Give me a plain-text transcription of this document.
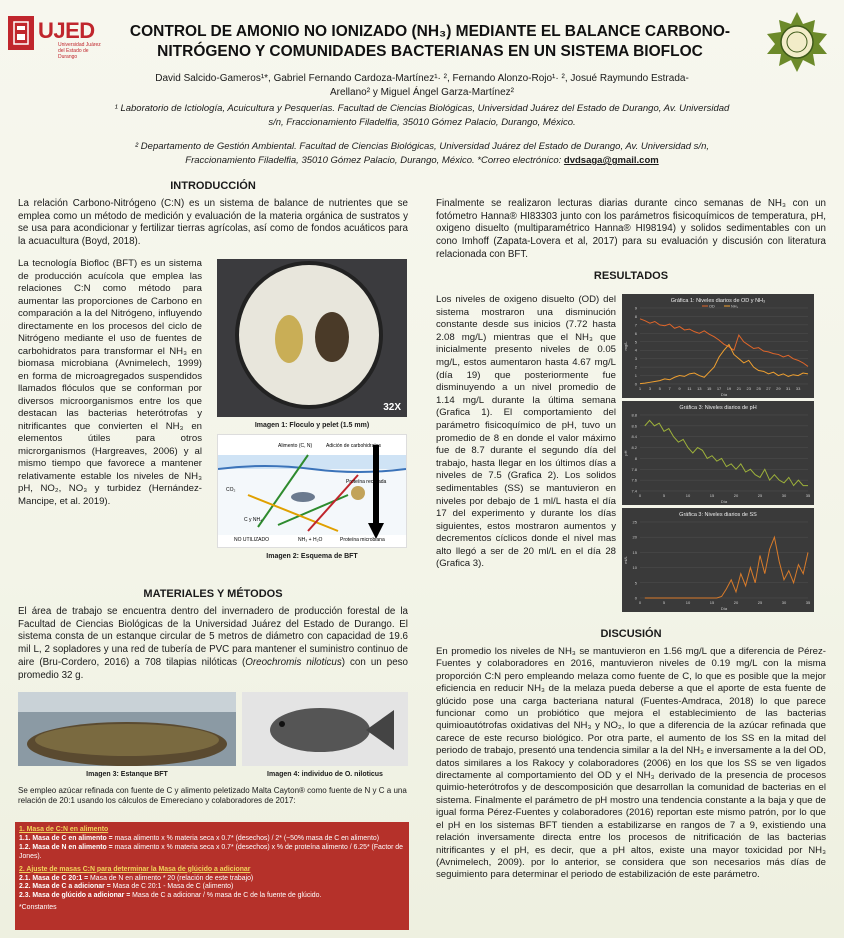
UJED
Universidad Juárez del Estado de Durango
CONTROL DE AMONIO NO IONIZADO (NH₃) MEDIANTE EL BALANCE CARBONO-
NITRÓGENO Y COMUNIDADES BACTERIANAS EN UN SISTEMA BIOFLOC
David Salcido-Gameros¹*, Gabriel Fernando Cardoza-Martínez¹· ², Fernando Alonzo-Rojo¹· ², Josué Raymundo Estrada-
Arellano² y Miguel Ángel Garza-Martínez²
¹ Laboratorio de Ictiología, Acuicultura y Pesquerías. Facultad de Ciencias Biológicas, Universidad Juárez del Estado de Durango, Av. Universidad
s/n, Fraccionamiento Filadelfia, 35010 Gómez Palacio, Durango, México.
² Departamento de Gestión Ambiental. Facultad de Ciencias Biológicas, Universidad Juárez del Estado de Durango, Av. Universidad s/n,
Fraccionamiento Filadelfia, 35010 Gómez Palacio, Durango, México. *Correo electrónico: dvdsaga@gmail.com
INTRODUCCIÓN
La relación Carbono-Nitrógeno (C:N) es un sistema de balance de nutrientes que se emplea como un método de medición y evaluación de la materia orgánica de sustratos y se usa para acondicionar y fertilizar tierras agrícolas, así como de fondos acuáticos para la acuacultura (Boyd, 2018).
La tecnología Biofloc (BFT) es un sistema de producción acuícola que emplea las relaciones C:N como método para aumentar las proporciones de Carbono en comparación a la del Nitrógeno, influyendo directamente en los procesos del ciclo de Nitrógeno mediante el uso de fuentes de carbohidratos para transformar el NH₃ en biomasa microbiana (Avnimelech, 1999) en forma de microagregados suspendidos llamados flóculos que se conforman por diversos microorganismos entre los que destacan las bacterias heterótrofas y nitrificantes que convierten el NH₃ en elementos útiles para otros microrganismos (Hargreaves, 2006) y al mismo tiempo que favorece a mantener relativamente estable los niveles de NH₃ pH, NO₂, NO₃ y turbidez (Hernández- Mancipe, et al. 2019).
32X
Imagen 1: Floculo y pelet (1.5 mm)
Alimento (C, N)	Adición de carbohidratos
CO₂
Proteína reciclada
C y NH₄
NO UTILIZADO	NH₃ + H₂O	Proteína microbiana
Imagen 2: Esquema de BFT
MATERIALES Y MÉTODOS
El área de trabajo se encuentra dentro del invernadero de producción forestal de la Facultad de Ciencias Biológicas de la Universidad Juárez del Estado de Durango. El sistema consta de un estanque circular de 5 metros de diámetro con capacidad de 19.6 mil L, 2 sopladores y una red de tubería de PVC para mantener el suministro continuo de aire (Bru-Cordero, 2016) a 708 tilapias nilóticas (Oreochromis niloticus) con un peso promedio 32 g.
Imagen 3: Estanque BFT	Imagen 4: individuo de O. niloticus
Se empleo azúcar refinada con fuente de C y alimento peletizado Malta Cayton® como fuente de N y C a una relación de 20:1 usando los cálculos de Emereciano y colaboradores de 2017:
1. Masa de C:N en alimento
1.1. Masa de C en alimento = masa alimento x % materia seca x 0.7* (desechos) / 2* (~50% masa de C en alimento)
1.2. Masa de N en alimento = masa alimento x % materia seca x 0.7* (desechos) x % de proteína alimento / 6.25* (Factor de Jones).
2. Ajuste de masas C:N para determinar la Masa de glúcido a adicionar
2.1. Masa de C 20:1 = Masa de N en alimento * 20 (relación de este trabajo)
2.2. Masa de C a adicionar = Masa de C 20:1 - Masa de C (alimento)
2.3. Masa de glúcido a adicionar = Masa de C a adicionar / % masa de C de la fuente de glúcido.
*Constantes
Finalmente se realizaron lecturas diarias durante cinco semanas de NH₃ con un fotómetro Hanna® HI83303 junto con los parámetros fisicoquímicos de temperatura, pH, oxigeno disuelto (multiparamétrico Hanna® HI98194) y solidos sedimentables con un cono Imhoff (Zapata-Lovera et al, 2017) para su evaluación y discusión con literatura relacionada con BFT.
RESULTADOS
Los niveles de oxigeno disuelto (OD) del sistema mostraron una disminución constante desde sus inicios (7.72 hasta 2.08 mg/L) mientras que el NH₃ que inicialmente presento niveles de 0.05 mg/L, estos aumentaron hasta 4.67 mg/L (día 19) que posteriormente fue disminuyendo a un nivel promedio de 1.14 mg/L durante la última semana (Grafica 1). El comportamiento del parámetro fisicoquímico de pH, tuvo un promedio de 8 en donde el valor máximo fue de 8.7 durante el segundo día del trabajo, hasta llegar en los últimos días a niveles de 7.5 (Grafica 2). Los solidos sedimentables (SS) se mantuvieron en niveles por debajo de 1 ml/L hasta el día 17 del experimento y durante los días siguientes, estos mostraron aumentos y decrementos cíclicos donde el nivel mas alto llegó a ser de 20 ml/L en el día 28 (Grafica 3).
Gráfica 1: Niveles diarios de OD y NH₃
0
1
2
3
4
5
6
7
8
9
1 3 5 7 9 11 13 15 17 19 21 23 25 27 29 31 33
Día
mg/L
OD	NH₃
Gráfica 3: Niveles diarios de pH
7.4
7.6
7.8
8
8.2
8.4
8.6
8.8
0	5	10	15	20	25	30	35
Día
pH
Gráfica 3: Niveles diarios de SS
0
5
10
15
20
25
0	5	10	15	20	25	30	35
Día
ml/L
DISCUSIÓN
En promedio los niveles de NH₃ se mantuvieron en 1.56 mg/L que a diferencia de Pérez-Fuentes y colaboradores en 2016, mantuvieron niveles de 0.19 mg/L con la misma proporción C:N pero empleando melaza como fuente de C, lo que es posible que la mejor eficiencia en reducir NH₃ de la melaza pueda deberse a que el aporte de esta fuente de glúcido pose una carga bacteriana natural (Fuentes-Amdraca, 2018) lo que parece funcionar como un probiótico que mejora el establecimiento de las bacterias quimioautótrofas oxidativas del NH₃ y NO₂, lo que a diferencia de la azúcar refinada que carece de este recurso biológico. Por otra parte, el aumento de los SS en la mitad del periodo de trabajo, presentó una tendencia similar a la del NH₃ e inversamente a la del OD, datos similares a los Rakocy y colaboradores (2006) en los que los SS se ven ligados directamente al comportamiento del OD y el NH₃ derivado de la presencia de procesos quimio-heterótrofos y de descomposición que desarrollan la comunidad de bacterias en el sistema. Finalmente el parámetro de pH mostro una tendencia constante a la baja y que de igual forma Pérez-Fuentes y colaboradores (2016) reportan este mismo patrón, por lo que el pH en los sistemas BFT tienden a estabilizarse en rangos de 7 a 9, existiendo una relación inversamente directa entre los procesos de nitrificación de las bacterias nitrificantes y el pH, es decir, que a pH altos, existe una mayor toxicidad por NH₃ (Avnimelech, 2009). por lo anterior, se considera que son necesarios más días de seguimiento para determinar el periodo de estabilización de este parámetro.
